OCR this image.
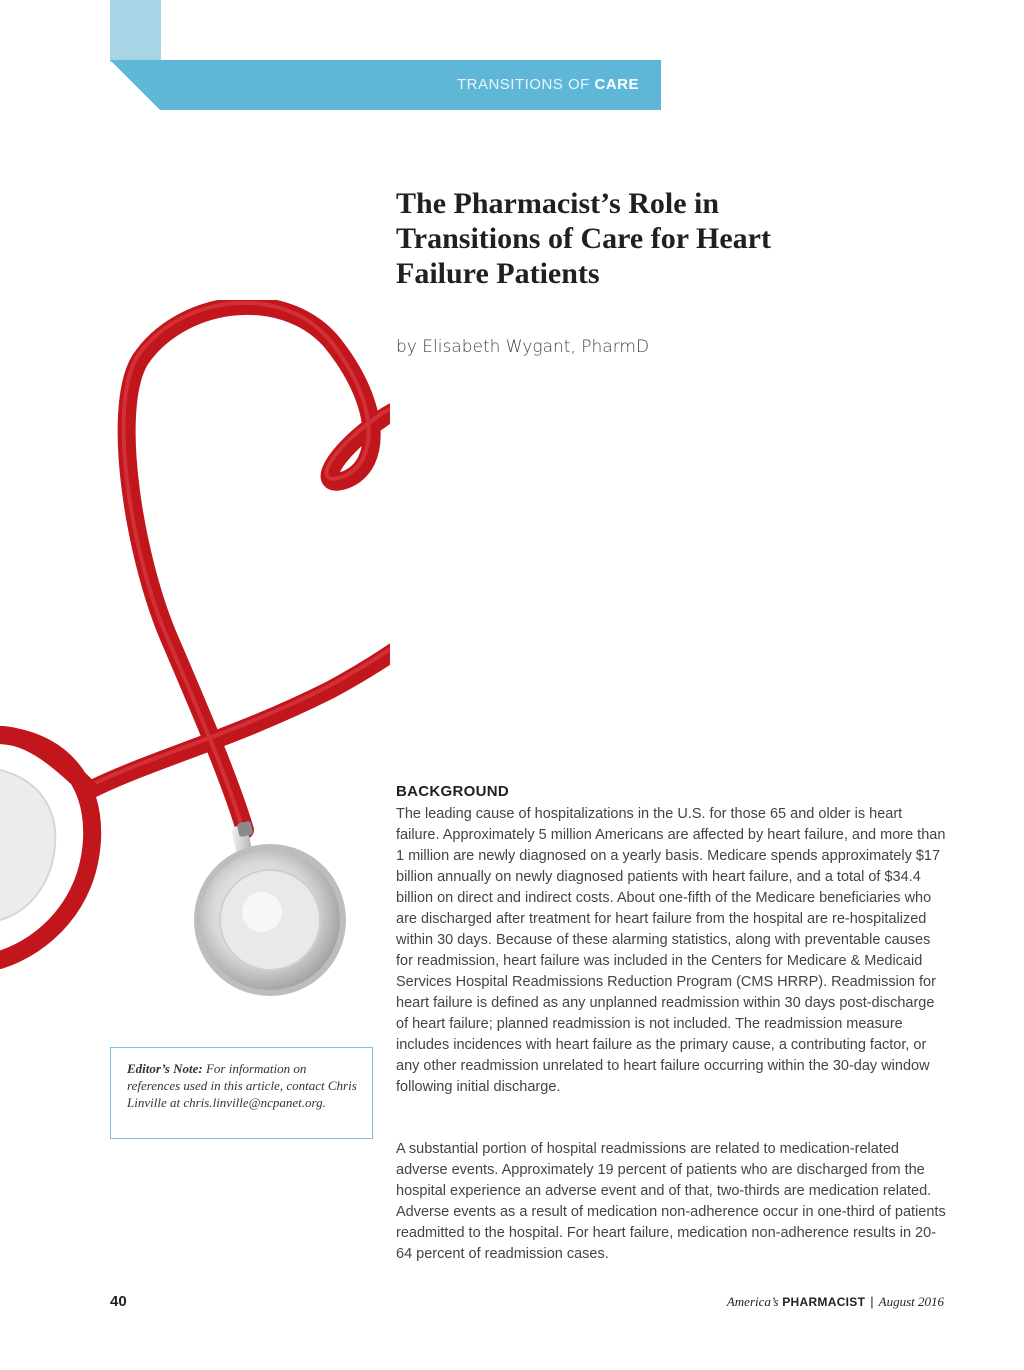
TRANSITIONS OF CARE
The Pharmacist’s Role in Transitions of Care for Heart Failure Patients
by Elisabeth Wygant, PharmD
BACKGROUND

The leading cause of hospitalizations in the U.S. for those 65 and older is heart failure. Approximately 5 million Americans are affected by heart failure, and more than 1 million are newly diagnosed on a yearly basis. Medicare spends approximately $17 billion annually on newly diagnosed patients with heart failure, and a total of $34.4 billion on direct and indirect costs. About one-fifth of the Medicare beneficiaries who are discharged after treatment for heart failure from the hospital are re-hospitalized within 30 days. Because of these alarming statistics, along with preventable causes for readmission, heart failure was included in the Centers for Medicare & Medicaid Services Hospital Readmissions Reduction Program (CMS HRRP). Readmission for heart failure is defined as any unplanned readmission within 30 days post-discharge of heart failure; planned readmission is not included. The readmission measure includes incidences with heart failure as the primary cause, a contributing factor, or any other readmission unrelated to heart failure occurring within the 30-day window following initial discharge.

A substantial portion of hospital readmissions are related to medication-related adverse events. Approximately 19 percent of patients who are discharged from the hospital experience an adverse event and of that, two-thirds are medication related. Adverse events as a result of medication non-adherence occur in one-third of patients readmitted to the hospital. For heart failure, medication non-adherence results in 20-64 percent of readmission cases.

Editor’s Note: For information on references used in this article, contact Chris Linville at chris.linville@ncpanet.org.
40	America’s PHARMACIST | August 2016
